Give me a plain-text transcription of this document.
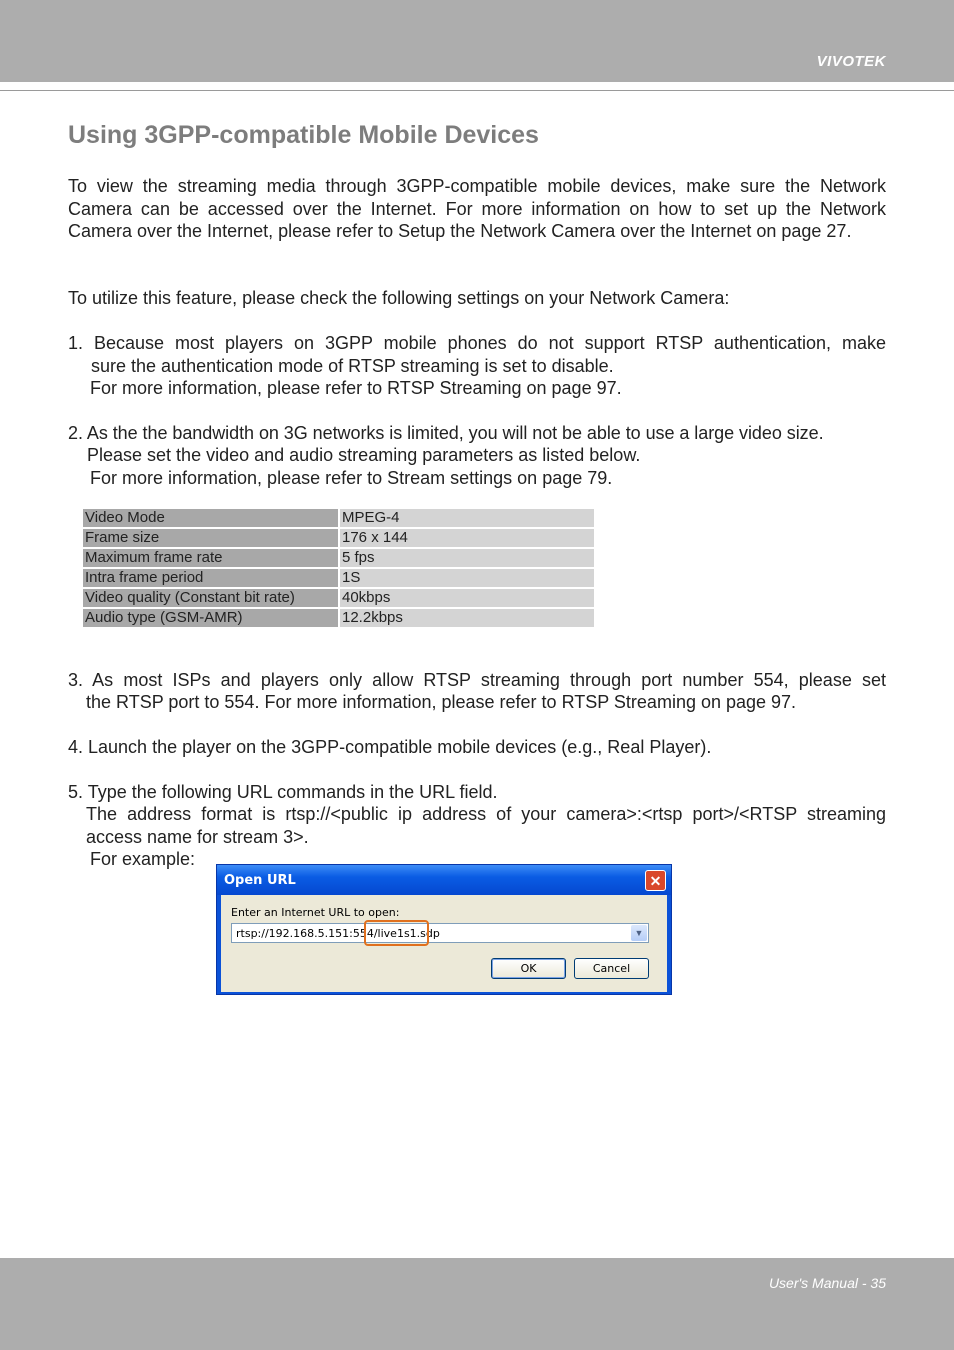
VIVOTEK
Using 3GPP-compatible Mobile Devices
To view the streaming media through 3GPP-compatible mobile devices, make sure the Network Camera can be accessed over the Internet. For more information on how to set up the Network Camera over the Internet, please refer to Setup the Network Camera over the Internet on page 27.
To utilize this feature, please check the following settings on your Network Camera:
1. Because most players on 3GPP mobile phones do not support RTSP authentication, make
sure the authentication mode of RTSP streaming is set to disable.
For more information, please refer to RTSP Streaming on page 97.
2. As the the bandwidth on 3G networks is limited, you will not be able to use a large video size.
Please set the video and audio streaming parameters as listed below.
For more information, please refer to Stream settings on page 79.
Video Mode	MPEG-4
Frame size	176 x 144
Maximum frame rate	5 fps
Intra frame period	1S
Video quality (Constant bit rate)	40kbps
Audio type (GSM-AMR)	12.2kbps
3. As most ISPs and players only allow RTSP streaming through port number 554, please set
the RTSP port to 554. For more information, please refer to RTSP Streaming on page 97.
4. Launch the player on the 3GPP-compatible mobile devices (e.g., Real Player).
5. Type the following URL commands in the URL field.
The address format is rtsp://<public ip address of your camera>:<rtsp port>/<RTSP streaming
access name for stream 3>.
For example:
Open URL	✕
Enter an Internet URL to open:
rtsp://192.168.5.151:554/live1s1.sdp	▼
OK	Cancel
User's Manual - 35
